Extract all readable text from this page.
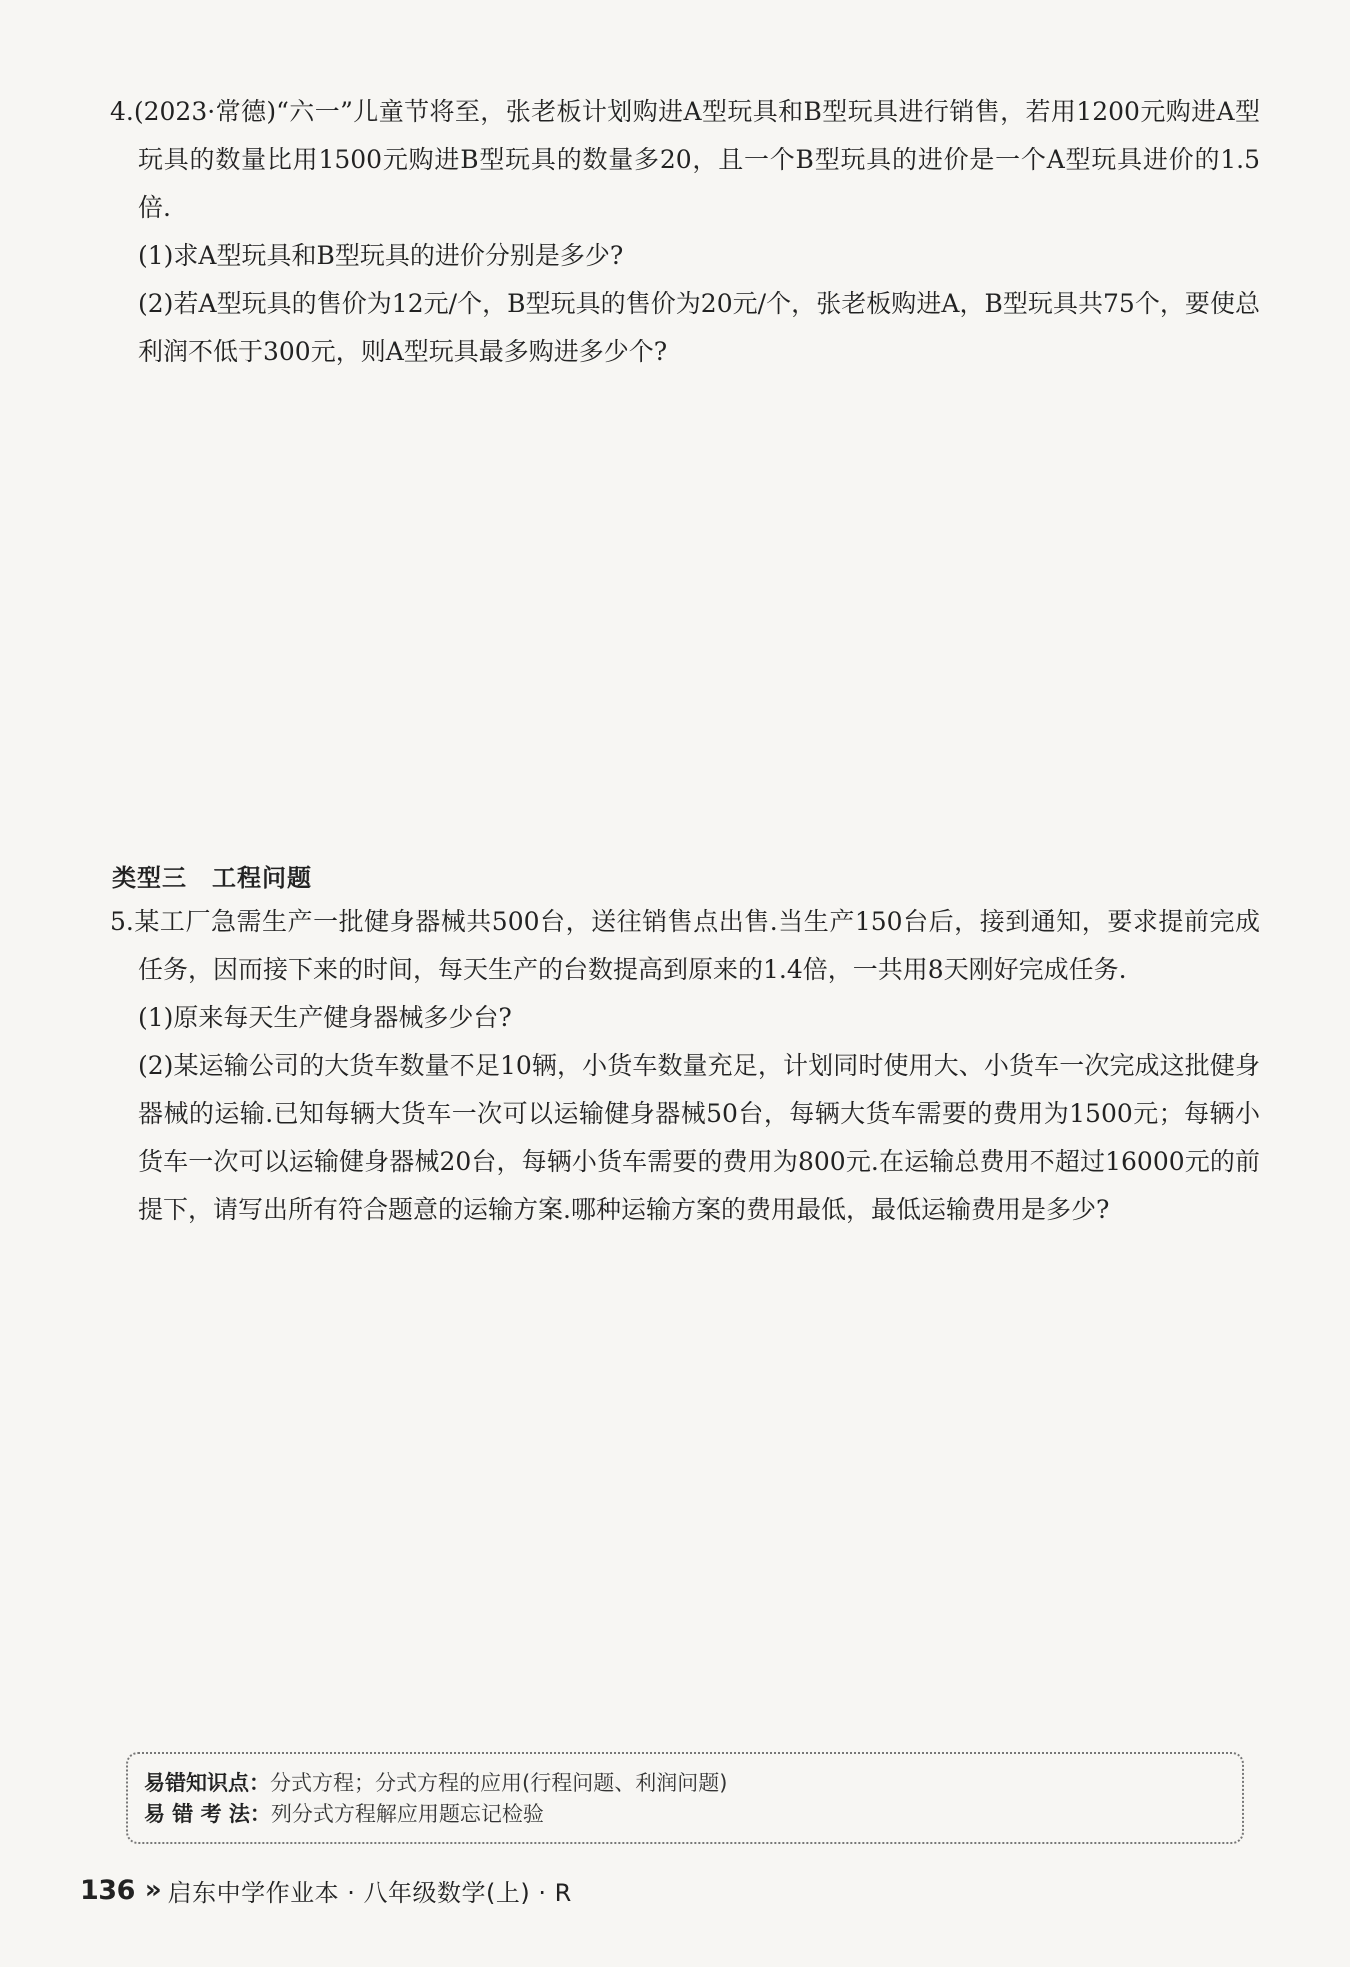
4.(2023·常德)“六一”儿童节将至，张老板计划购进A型玩具和B型玩具进行销售，若用1200元购进A型玩具的数量比用1500元购进B型玩具的数量多20，且一个B型玩具的进价是一个A型玩具进价的1.5倍.

(1)求A型玩具和B型玩具的进价分别是多少?

(2)若A型玩具的售价为12元/个，B型玩具的售价为20元/个，张老板购进A，B型玩具共75个，要使总利润不低于300元，则A型玩具最多购进多少个?

类型三　工程问题

5.某工厂急需生产一批健身器械共500台，送往销售点出售.当生产150台后，接到通知，要求提前完成任务，因而接下来的时间，每天生产的台数提高到原来的1.4倍，一共用8天刚好完成任务.

(1)原来每天生产健身器械多少台?

(2)某运输公司的大货车数量不足10辆，小货车数量充足，计划同时使用大、小货车一次完成这批健身器械的运输.已知每辆大货车一次可以运输健身器械50台，每辆大货车需要的费用为1500元；每辆小货车一次可以运输健身器械20台，每辆小货车需要的费用为800元.在运输总费用不超过16000元的前提下，请写出所有符合题意的运输方案.哪种运输方案的费用最低，最低运输费用是多少?

易错知识点：分式方程；分式方程的应用(行程问题、利润问题)
易 错 考 法：列分式方程解应用题忘记检验
136 » 启东中学作业本 · 八年级数学(上) · R
